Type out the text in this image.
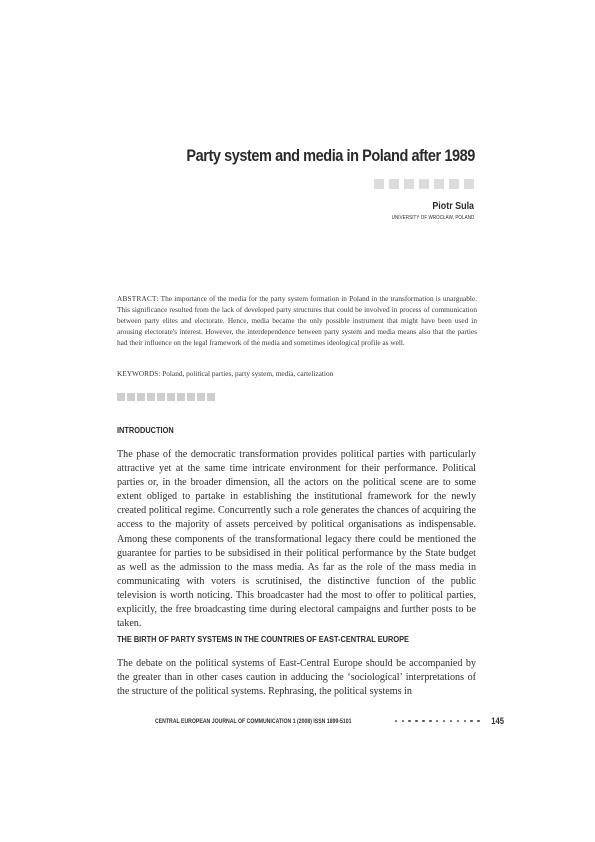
Party system and media in Poland after 1989
Piotr Sula
UNIVERSITY OF WROCŁAW, POLAND

ABSTRACT: The importance of the media for the party system formation in Poland in the transformation is unarguable. This significance resulted from the lack of developed party structures that could be involved in process of communication between party elites and electorate. Hence, media became the only possible instrument that might have been used in arousing electorate's interest. However, the interdependence between party system and media means also that the parties had their influence on the legal framework of the media and sometimes ideological profile as well.

KEYWORDS: Poland, political parties, party system, media, cartelization

INTRODUCTION

The phase of the democratic transformation provides political parties with particularly attractive yet at the same time intricate environment for their performance. Political parties or, in the broader dimension, all the actors on the political scene are to some extent obliged to partake in establishing the institutional framework for the newly created political regime. Concurrently such a role generates the chances of acquiring the access to the majority of assets perceived by political organisations as indispensable. Among these components of the transformational legacy there could be mentioned the guarantee for parties to be subsidised in their political performance by the State budget as well as the admission to the mass media. As far as the role of the mass media in communicating with voters is scrutinised, the distinctive function of the public television is worth noticing. This broadcaster had the most to offer to political parties, explicitly, the free broadcasting time during electoral campaigns and further posts to be taken.

THE BIRTH OF PARTY SYSTEMS IN THE COUNTRIES OF EAST-CENTRAL EUROPE

The debate on the political systems of East-Central Europe should be accompanied by the greater than in other cases caution in adducing the ‘sociological’ interpretations of the structure of the political systems. Rephrasing, the political systems in

CENTRAL EUROPEAN JOURNAL OF COMMUNICATION 1 (2008) ISSN 1899-5101	145
